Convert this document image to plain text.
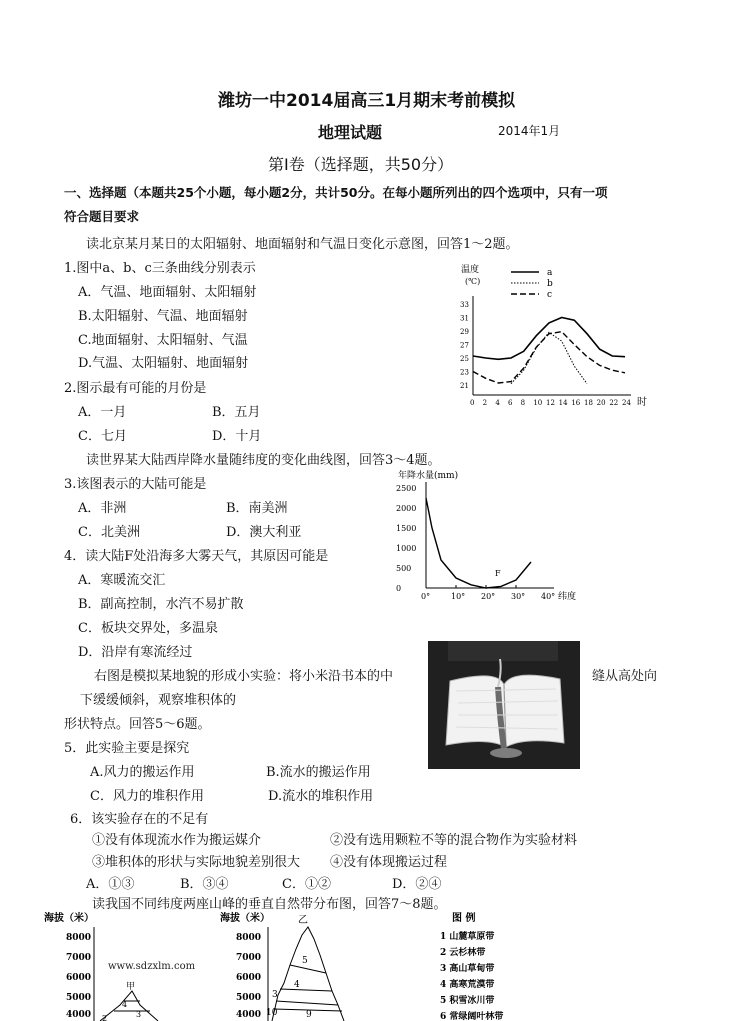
潍坊一中2014届高三1月期末考前模拟
地理试题	2014年1月
第Ⅰ卷（选择题，共50分）
一、选择题（本题共25个小题，每小题2分，共计50分。在每小题所列出的四个选项中，只有一项
符合题目要求
读北京某月某日的太阳辐射、地面辐射和气温日变化示意图，回答1～2题。
1.图中a、b、c三条曲线分别表示
A．气温、地面辐射、太阳辐射
B.太阳辐射、气温、地面辐射
C.地面辐射、太阳辐射、气温
D.气温、太阳辐射、地面辐射
2.图示最有可能的月份是
A．一月	B．五月
C．七月	D．十月
读世界某大陆西岸降水量随纬度的变化曲线图，回答3～4题。
3.该图表示的大陆可能是
A．非洲	B．南美洲
C．北美洲	D．澳大利亚
4．读大陆F处沿海多大雾天气，其原因可能是
A．寒暖流交汇
B．副高控制，水汽不易扩散
C．板块交界处，多温泉
D．沿岸有寒流经过
右图是模拟某地貌的形成小实验：将小米沿书本的中	缝从高处向
下缓缓倾斜，观察堆积体的
形状特点。回答5～6题。
5．此实验主要是探究
A.风力的搬运作用	B.流水的搬运作用
C．风力的堆积作用	D.流水的堆积作用
6．该实验存在的不足有
①没有体现流水作为搬运媒介	②没有选用颗粒不等的混合物作为实验材料
③堆积体的形状与实际地貌差别很大 ④没有体现搬运过程
A．①③	B．③④	C．①②	D．②④
读我国不同纬度两座山峰的垂直自然带分布图，回答7～8题。
温度
(℃)
33
31
29
27
25
23
21
0 2 4 6 8 10 12 14 16 18 20 22 24 时
a
b
c
年降水量(mm)
2500
2000
1500
1000
500
0
0°	10° 20° 30° 40° 纬度
F
海拔（米）
8000
7000
6000
5000
4000
www.sdzxlm.com
甲
海拔（米）
8000
7000
6000
5000
4000
乙
5
4
3
10	9
4
3
2
图 例
1 山麓草原带
2 云杉林带
3 高山草甸带
4 高寒荒漠带
5 积雪冰川带
6 常绿阔叶林带
